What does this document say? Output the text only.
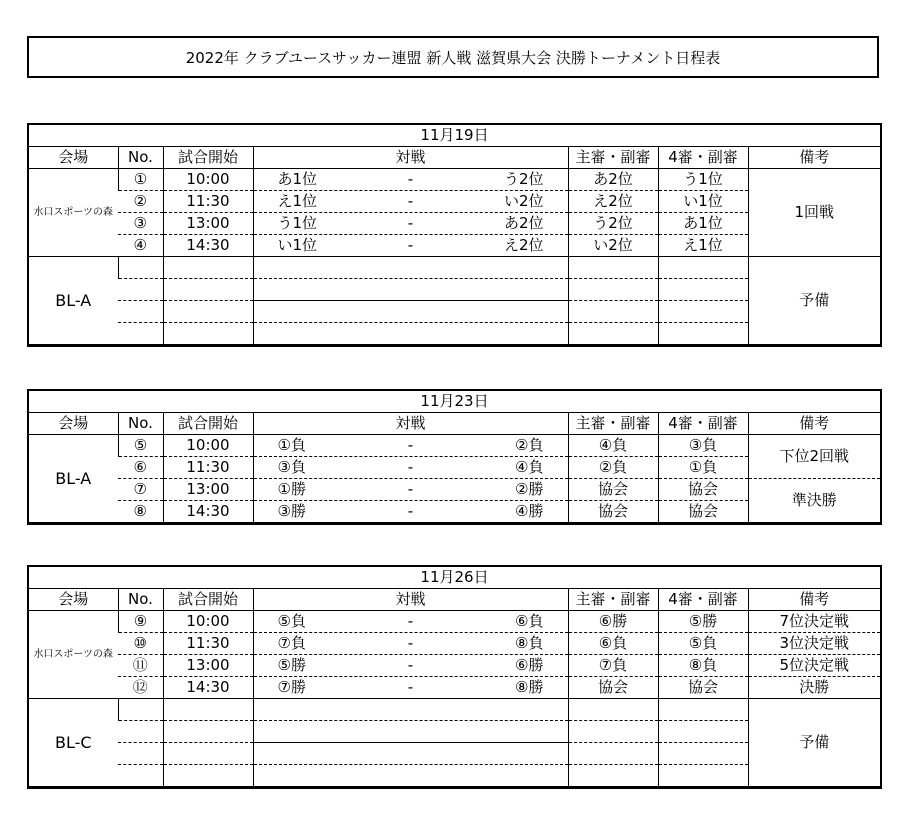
2022年 クラブユースサッカー連盟 新人戦 滋賀県大会 決勝トーナメント日程表
11月19日						
会場	No.	試合開始	対戦	主審・副審	4審・副審	備考
水口スポーツの森	①	10:00	あ1位 - う2位	あ2位	う1位	1回戦
	②	11:30	え1位 - い2位	え2位	い1位	
	③	13:00	う1位 - あ2位	う2位	あ1位	
	④	14:30	い1位 - え2位	い2位	え1位	
BL-A						予備

11月23日						
会場	No.	試合開始	対戦	主審・副審	4審・副審	備考
BL-A	⑤	10:00	①負 - ②負	④負	③負	下位2回戦
	⑥	11:30	③負 - ④負	②負	①負	
	⑦	13:00	①勝 - ②勝	協会	協会	準決勝
	⑧	14:30	③勝 - ④勝	協会	協会	
11月26日						
会場	No.	試合開始	対戦	主審・副審	4審・副審	備考
水口スポーツの森	⑨	10:00	⑤負 - ⑥負	⑥勝	⑤勝	7位決定戦
	⑩	11:30	⑦負 - ⑧負	⑥負	⑤負	3位決定戦
	⑪	13:00	⑤勝 - ⑥勝	⑦負	⑧負	5位決定戦
	⑫	14:30	⑦勝 - ⑧勝	協会	協会	決勝
BL-C						予備
